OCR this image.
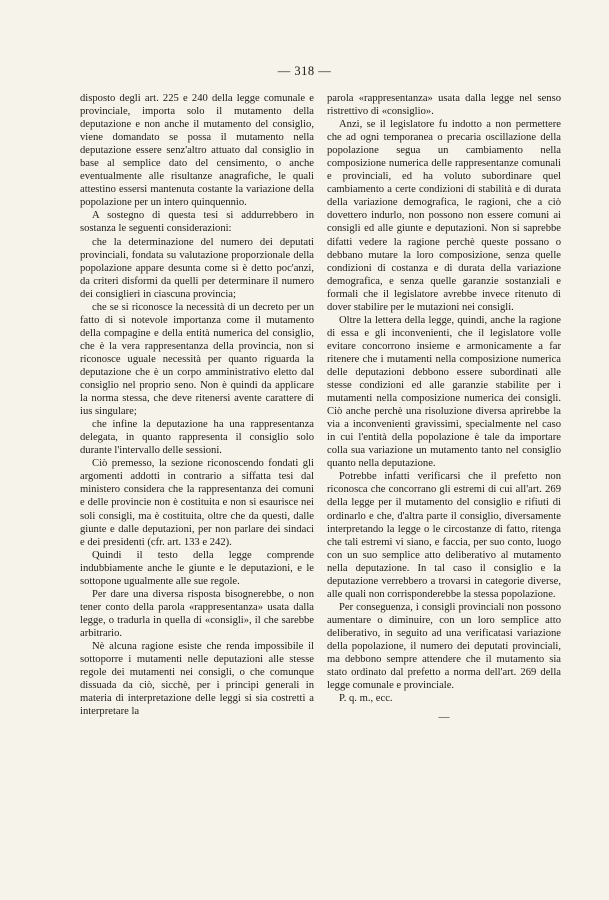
— 318 —

disposto degli art. 225 e 240 della legge comunale e provinciale, importa solo il mutamento della deputazione e non anche il mutamento del consiglio, viene domandato se possa il mutamento nella deputazione essere senz'altro attuato dal consiglio in base al semplice dato del censimento, o anche eventualmente alle risultanze anagrafiche, le quali attestino essersi mantenuta costante la variazione della popolazione per un intero quinquennio.

A sostegno di questa tesi si addurrebbero in sostanza le seguenti considerazioni:

che la determinazione del numero dei deputati provinciali, fondata su valutazione proporzionale della popolazione appare desunta come si è detto poc'anzi, da criteri disformi da quelli per determinare il numero dei consiglieri in ciascuna provincia;

che se si riconosce la necessità di un decreto per un fatto di sì notevole importanza come il mutamento della compagine e della entità numerica del consiglio, che è la vera rappresentanza della provincia, non si riconosce uguale necessità per quanto riguarda la deputazione che è un corpo amministrativo eletto dal consiglio nel proprio seno. Non è quindi da applicare la norma stessa, che deve ritenersi avente carattere di ius singulare;

che infine la deputazione ha una rappresentanza delegata, in quanto rappresenta il consiglio solo durante l'intervallo delle sessioni.

Ciò premesso, la sezione riconoscendo fondati gli argomenti addotti in contrario a siffatta tesi dal ministero considera che la rappresentanza dei comuni e delle provincie non è costituita e non si esaurisce nei soli consigli, ma è costituita, oltre che da questi, dalle giunte e dalle deputazioni, per non parlare dei sindaci e dei presidenti (cfr. art. 133 e 242).

Quindi il testo della legge comprende indubbiamente anche le giunte e le deputazioni, e le sottopone ugualmente alle sue regole.

Per dare una diversa risposta bisognerebbe, o non tener conto della parola «rappresentanza» usata dalla legge, o tradurla in quella di «consigli», il che sarebbe arbitrario.

Nè alcuna ragione esiste che renda impossibile il sottoporre i mutamenti nelle deputazioni alle stesse regole dei mutamenti nei consigli, o che comunque dissuada da ciò, sicchè, per i principi generali in materia di interpretazione delle leggi si sia costretti a interpretare la

parola «rappresentanza» usata dalla legge nel senso ristrettivo di «consiglio».

Anzi, se il legislatore fu indotto a non permettere che ad ogni temporanea o precaria oscillazione della popolazione segua un cambiamento nella composizione numerica delle rappresentanze comunali e provinciali, ed ha voluto subordinare quel cambiamento a certe condizioni di stabilità e di durata della variazione demografica, le ragioni, che a ciò dovettero indurlo, non possono non essere comuni ai consigli ed alle giunte e deputazioni. Non si saprebbe difatti vedere la ragione perchè queste possano o debbano mutare la loro composizione, senza quelle condizioni di costanza e di durata della variazione demografica, e senza quelle garanzie sostanziali e formali che il legislatore avrebbe invece ritenuto di dover stabilire per le mutazioni nei consigli.

Oltre la lettera della legge, quindi, anche la ragione di essa e gli inconvenienti, che il legislatore volle evitare concorrono insieme e armonicamente a far ritenere che i mutamenti nella composizione numerica delle deputazioni debbono essere subordinati alle stesse condizioni ed alle garanzie stabilite per i mutamenti nella composizione numerica dei consigli. Ciò anche perchè una risoluzione diversa aprirebbe la via a inconvenienti gravissimi, specialmente nel caso in cui l'entità della popolazione è tale da importare colla sua variazione un mutamento tanto nel consiglio quanto nella deputazione.

Potrebbe infatti verificarsi che il prefetto non riconosca che concorrano gli estremi di cui all'art. 269 della legge per il mutamento del consiglio e rifiuti di ordinarlo e che, d'altra parte il consiglio, diversamente interpretando la legge o le circostanze di fatto, ritenga che tali estremi vi siano, e faccia, per suo conto, luogo con un suo semplice atto deliberativo al mutamento nella deputazione. In tal caso il consiglio e la deputazione verrebbero a trovarsi in categorie diverse, alle quali non corrisponderebbe la stessa popolazione.

Per conseguenza, i consigli provinciali non possono aumentare o diminuire, con un loro semplice atto deliberativo, in seguito ad una verificatasi variazione della popolazione, il numero dei deputati provinciali, ma debbono sempre attendere che il mutamento sia stato ordinato dal prefetto a norma dell'art. 269 della legge comunale e provinciale.

P. q. m., ecc.

—
